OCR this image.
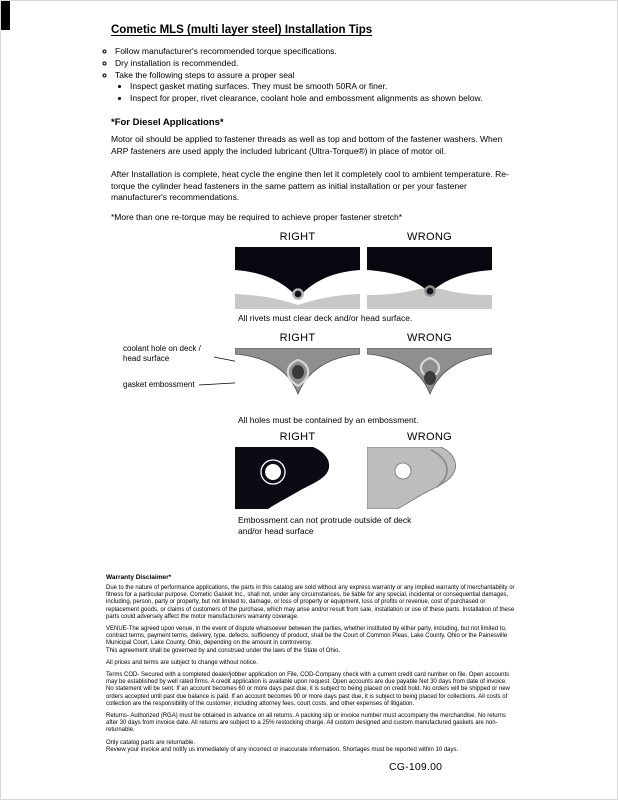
Cometic MLS (multi layer steel) Installation Tips
◦ Follow manufacturer's recommended torque specifications.
◦ Dry installation is recommended.
◦ Take the following steps to assure a proper seal
• Inspect gasket mating surfaces. They must be smooth 50RA or finer.
• Inspect for proper, rivet clearance, coolant hole and embossment alignments as shown below.
*For Diesel Applications*

Motor oil should be applied to fastener threads as well as top and bottom of the fastener washers. When ARP fasteners are used apply the included lubricant (Ultra-Torque®) in place of motor oil.

After Installation is complete, heat cycle the engine then let it completely cool to ambient temperature. Re-torque the cylinder head fasteners in the same pattern as initial installation or per your fastener manufacturer's recommendations.

*More than one re-torque may be required to achieve proper fastener stretch*

RIGHT	WRONG
All rivets must clear deck and/or head surface.
RIGHT	WRONG
coolant hole on deck / head surface
gasket embossment
All holes must be contained by an embossment.
RIGHT	WRONG
Embossment can not protrude outside of deck and/or head surface
Warranty Disclaimer*

Due to the nature of performance applications, the parts in this catalog are sold without any express warranty or any implied warranty of merchantability or fitness for a particular purpose. Cometic Gasket Inc., shall not, under any circumstances, be liable for any special, incidental or consequential damages, including, person, party or property, but not limited to, damage, or loss of property or equipment, loss of profits or revenue, cost of purchased or replacement goods, or claims of customers of the purchase, which may arise and/or result from sale, installation or use of these parts. Installation of these parts could adversely affect the motor manufacturers warranty coverage.

VENUE-The agreed upon venue, in the event of dispute whatsoever between the parties, whether instituted by either party, including, but not limited to, contract terms, payment terms, delivery, type, defects, sufficiency of product, shall be the Court of Common Pleas, Lake County, Ohio or the Painesville Municipal Court, Lake County, Ohio, depending on the amount in controversy.

This agreement shall be governed by and construed under the laws of the State of Ohio.

All prices and terms are subject to change without notice.

Terms COD- Secured with a completed dealer/jobber application on File, COD-Company check with a current credit card number on file. Open accounts may be established by well rated firms. A credit application is available upon request. Open accounts are due payable Net 30 days from date of invoice. No statement will be sent. If an account becomes 60 or more days past due, it is subject to being placed on credit hold. No orders will be shipped or new orders accepted until past due balance is paid. If an account becomes 90 or more days past due, it is subject to being placed for collections. All costs of collection are the responsibility of the customer, including attorney fees, court costs, and other expenses of litigation.

Returns- Authorized (RGA) must be obtained in advance on all returns. A packing slip or invoice number must accompany the merchandise. No returns after 30 days from invoice date. All returns are subject to a 25% restocking charge. All custom designed and custom manufactured gaskets are non-returnable.

Only catalog parts are returnable.

Review your invoice and notify us immediately of any incorrect or inaccurate information. Shortages must be reported within 10 days.

CG-109.00
